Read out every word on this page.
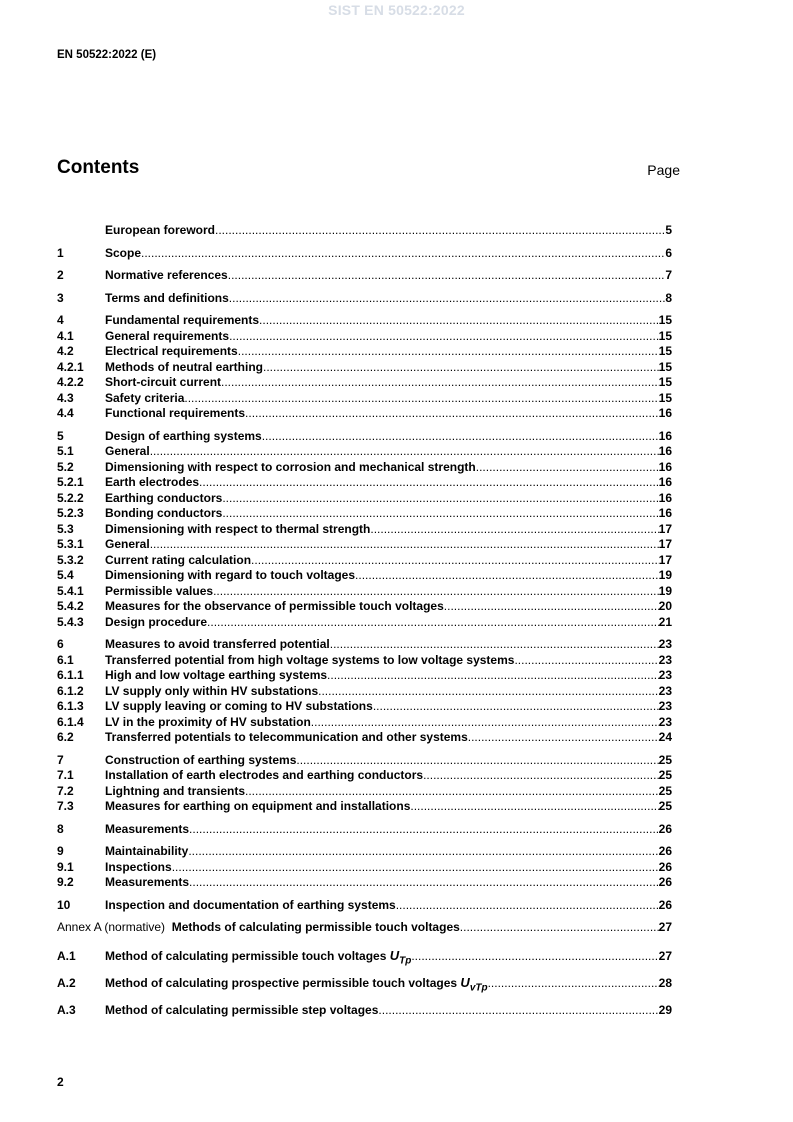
SIST EN 50522:2022
EN 50522:2022 (E)
Contents	Page
European foreword .....	5
1	Scope .....	6
2	Normative references .....	7
3	Terms and definitions .....	8
4	Fundamental requirements .....	15
4.1	General requirements .....	15
4.2	Electrical requirements .....	15
4.2.1	Methods of neutral earthing .....	15
4.2.2	Short-circuit current .....	15
4.3	Safety criteria .....	15
4.4	Functional requirements .....	16
5	Design of earthing systems .....	16
5.1	General .....	16
5.2	Dimensioning with respect to corrosion and mechanical strength .....	16
5.2.1	Earth electrodes .....	16
5.2.2	Earthing conductors .....	16
5.2.3	Bonding conductors .....	16
5.3	Dimensioning with respect to thermal strength .....	17
5.3.1	General .....	17
5.3.2	Current rating calculation .....	17
5.4	Dimensioning with regard to touch voltages .....	19
5.4.1	Permissible values .....	19
5.4.2	Measures for the observance of permissible touch voltages .....	20
5.4.3	Design procedure .....	21
6	Measures to avoid transferred potential .....	23
6.1	Transferred potential from high voltage systems to low voltage systems .....	23
6.1.1	High and low voltage earthing systems .....	23
6.1.2	LV supply only within HV substations .....	23
6.1.3	LV supply leaving or coming to HV substations .....	23
6.1.4	LV in the proximity of HV substation .....	23
6.2	Transferred potentials to telecommunication and other systems .....	24
7	Construction of earthing systems .....	25
7.1	Installation of earth electrodes and earthing conductors .....	25
7.2	Lightning and transients .....	25
7.3	Measures for earthing on equipment and installations .....	25
8	Measurements .....	26
9	Maintainability .....	26
9.1	Inspections .....	26
9.2	Measurements .....	26
10	Inspection and documentation of earthing systems .....	26
Annex A (normative) Methods of calculating permissible touch voltages .....	27
A.1	Method of calculating permissible touch voltages $U_{Tp}$ .....	27
A.2	Method of calculating prospective permissible touch voltages $U_{vTp}$ .....	28
A.3	Method of calculating permissible step voltages .....	29
2
